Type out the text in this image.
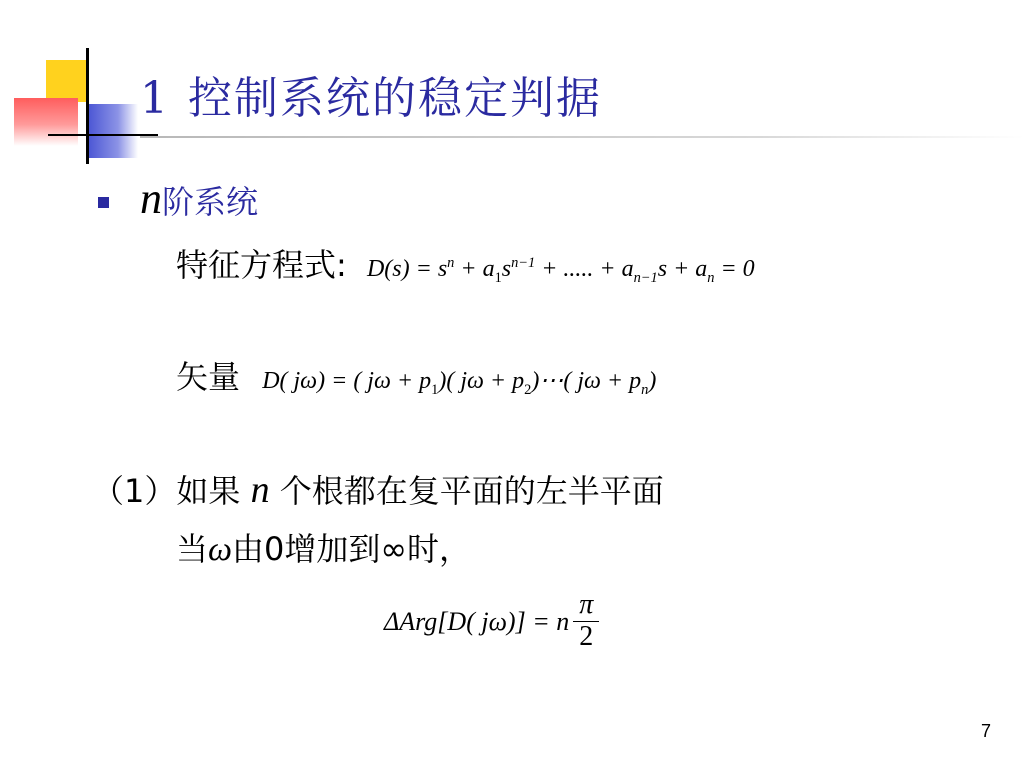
1 控制系统的稳定判据
n阶系统
特征方程式: $D(s) = s^n + a_1s^{n-1}$ + ..... + $a_{n-1}s + a_n = 0$
矢量 D( jω) = ( $j\omega + p_1$)( $j\omega + p_2)\cdots$( $j\omega + p_n$)
（1）如果 n 个根都在复平面的左半平面
当ω由0增加到∞时，
ΔArg[D( jω)] = n $\frac{\pi}{2}$
7
